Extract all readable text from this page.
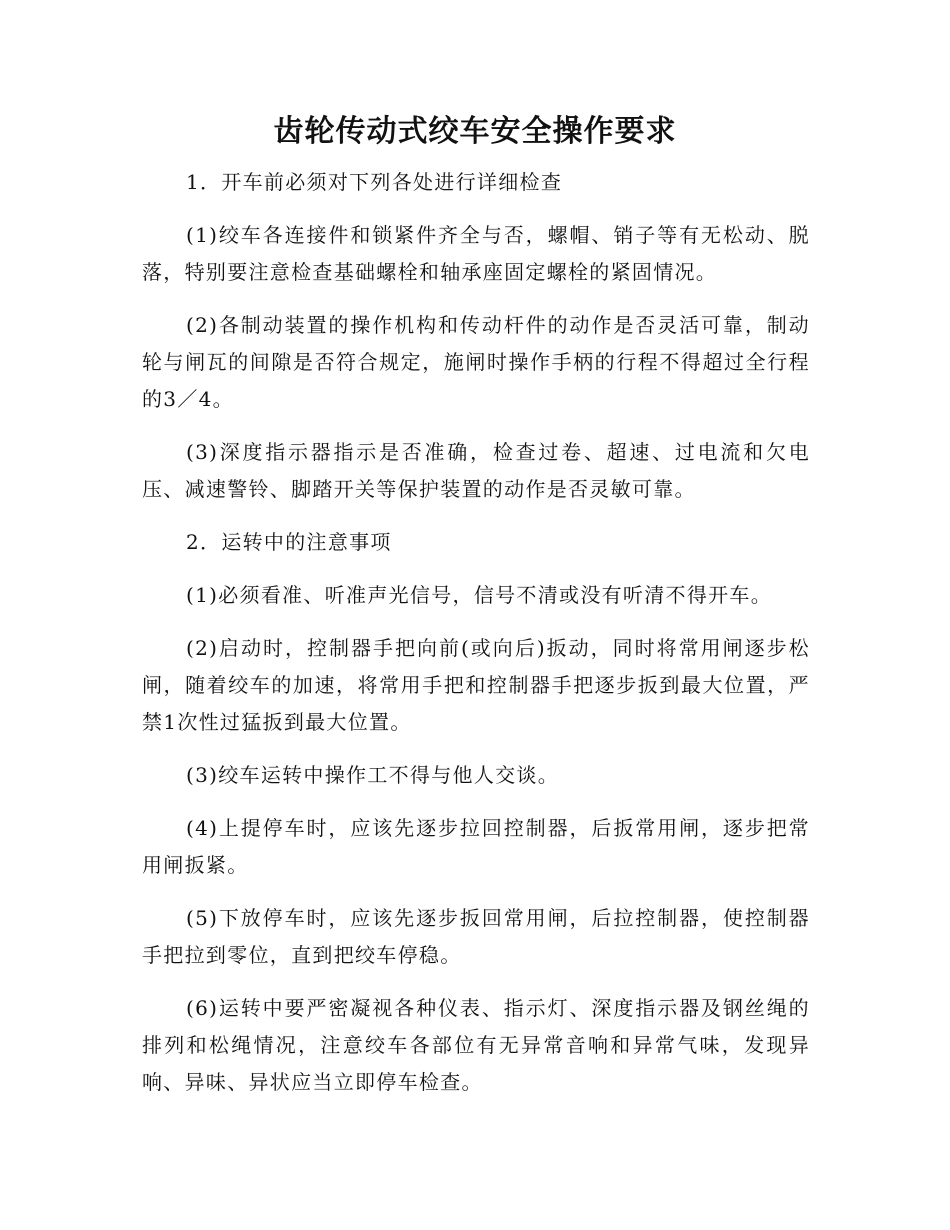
齿轮传动式绞车安全操作要求

1．开车前必须对下列各处进行详细检查

(1)绞车各连接件和锁紧件齐全与否，螺帽、销子等有无松动、脱落，特别要注意检查基础螺栓和轴承座固定螺栓的紧固情况。

(2)各制动装置的操作机构和传动杆件的动作是否灵活可靠，制动轮与闸瓦的间隙是否符合规定，施闸时操作手柄的行程不得超过全行程的3／4。

(3)深度指示器指示是否准确，检查过卷、超速、过电流和欠电压、减速警铃、脚踏开关等保护装置的动作是否灵敏可靠。

2．运转中的注意事项

(1)必须看准、听准声光信号，信号不清或没有听清不得开车。

(2)启动时，控制器手把向前(或向后)扳动，同时将常用闸逐步松闸，随着绞车的加速，将常用手把和控制器手把逐步扳到最大位置，严禁1次性过猛扳到最大位置。

(3)绞车运转中操作工不得与他人交谈。

(4)上提停车时，应该先逐步拉回控制器，后扳常用闸，逐步把常用闸扳紧。

(5)下放停车时，应该先逐步扳回常用闸，后拉控制器，使控制器手把拉到零位，直到把绞车停稳。

(6)运转中要严密凝视各种仪表、指示灯、深度指示器及钢丝绳的排列和松绳情况，注意绞车各部位有无异常音响和异常气味，发现异响、异味、异状应当立即停车检查。
